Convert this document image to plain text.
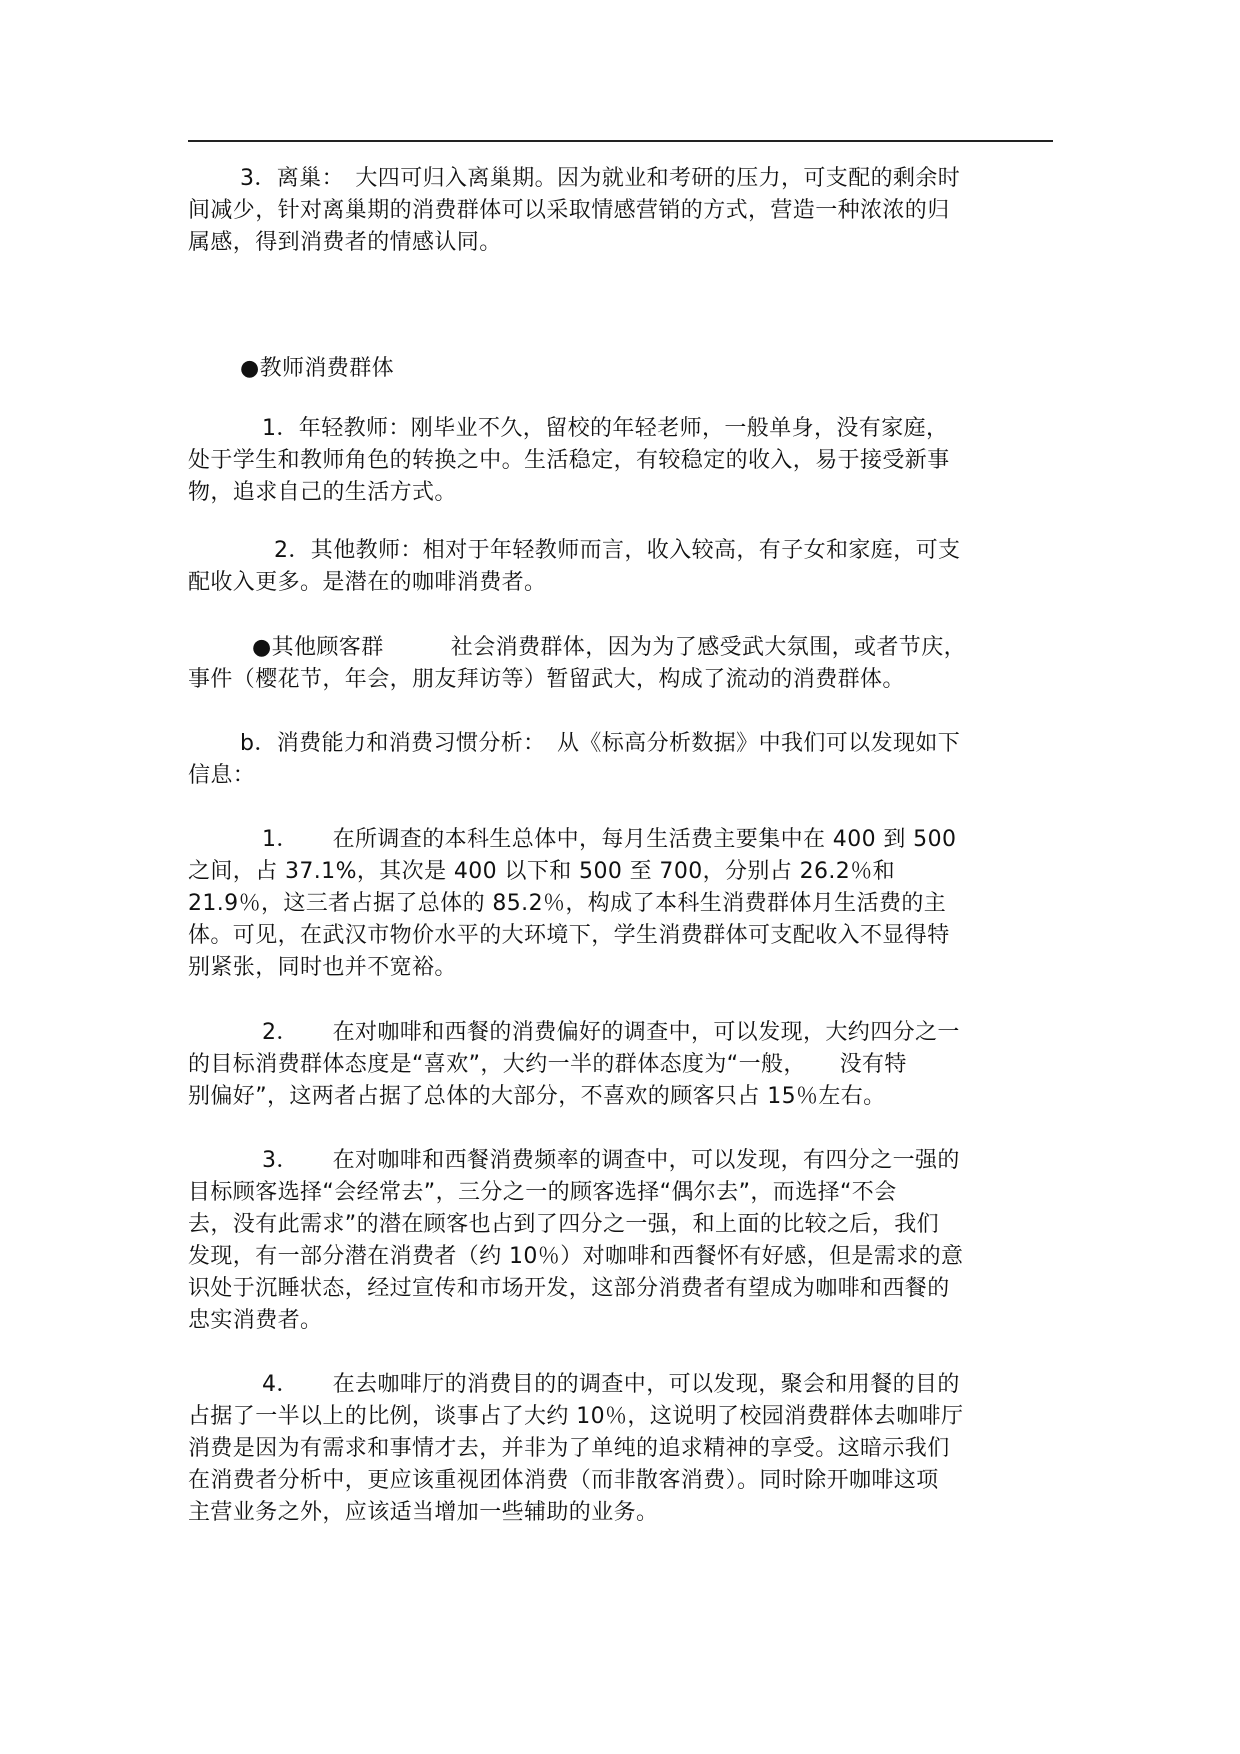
3．离巢：　大四可归入离巢期。因为就业和考研的压力，可支配的剩余时
间减少，针对离巢期的消费群体可以采取情感营销的方式，营造一种浓浓的归
属感，得到消费者的情感认同。
●教师消费群体
1．年轻教师：刚毕业不久，留校的年轻老师，一般单身，没有家庭，
处于学生和教师角色的转换之中。生活稳定，有较稳定的收入，易于接受新事
物，追求自己的生活方式。
2．其他教师：相对于年轻教师而言，收入较高，有子女和家庭，可支
配收入更多。是潜在的咖啡消费者。
●其他顾客群　　　社会消费群体，因为为了感受武大氛围，或者节庆，
事件（樱花节，年会，朋友拜访等）暂留武大，构成了流动的消费群体。
b．消费能力和消费习惯分析：　从《标高分析数据》中我们可以发现如下
信息：
1．　　在所调查的本科生总体中，每月生活费主要集中在 400 到 500
之间，占 37.1%，其次是 400 以下和 500 至 700，分别占 26.2％和
21.9％，这三者占据了总体的 85.2％，构成了本科生消费群体月生活费的主
体。可见，在武汉市物价水平的大环境下，学生消费群体可支配收入不显得特
别紧张，同时也并不宽裕。
2．　　在对咖啡和西餐的消费偏好的调查中，可以发现，大约四分之一
的目标消费群体态度是“喜欢”，大约一半的群体态度为“一般，　　没有特
别偏好”，这两者占据了总体的大部分，不喜欢的顾客只占 15％左右。
3．　　在对咖啡和西餐消费频率的调查中，可以发现，有四分之一强的
目标顾客选择“会经常去”，三分之一的顾客选择“偶尔去”，而选择“不会
去，没有此需求”的潜在顾客也占到了四分之一强，和上面的比较之后，我们
发现，有一部分潜在消费者（约 10％）对咖啡和西餐怀有好感，但是需求的意
识处于沉睡状态，经过宣传和市场开发，这部分消费者有望成为咖啡和西餐的
忠实消费者。
4．　　在去咖啡厅的消费目的的调查中，可以发现，聚会和用餐的目的
占据了一半以上的比例，谈事占了大约 10％，这说明了校园消费群体去咖啡厅
消费是因为有需求和事情才去，并非为了单纯的追求精神的享受。这暗示我们
在消费者分析中，更应该重视团体消费（而非散客消费）。同时除开咖啡这项
主营业务之外，应该适当增加一些辅助的业务。
